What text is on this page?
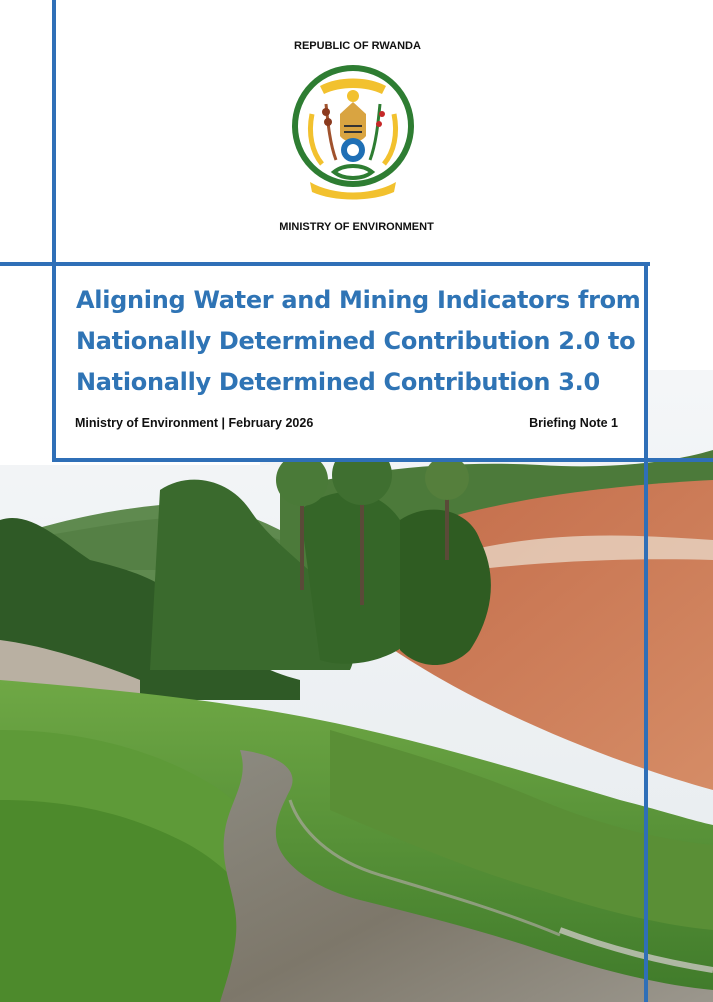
REPUBLIC OF RWANDA
MINISTRY OF ENVIRONMENT
Aligning Water and Mining Indicators from Nationally Determined Contribution 2.0 to Nationally Determined Contribution 3.0
Ministry of Environment | February 2026	Briefing Note 1
